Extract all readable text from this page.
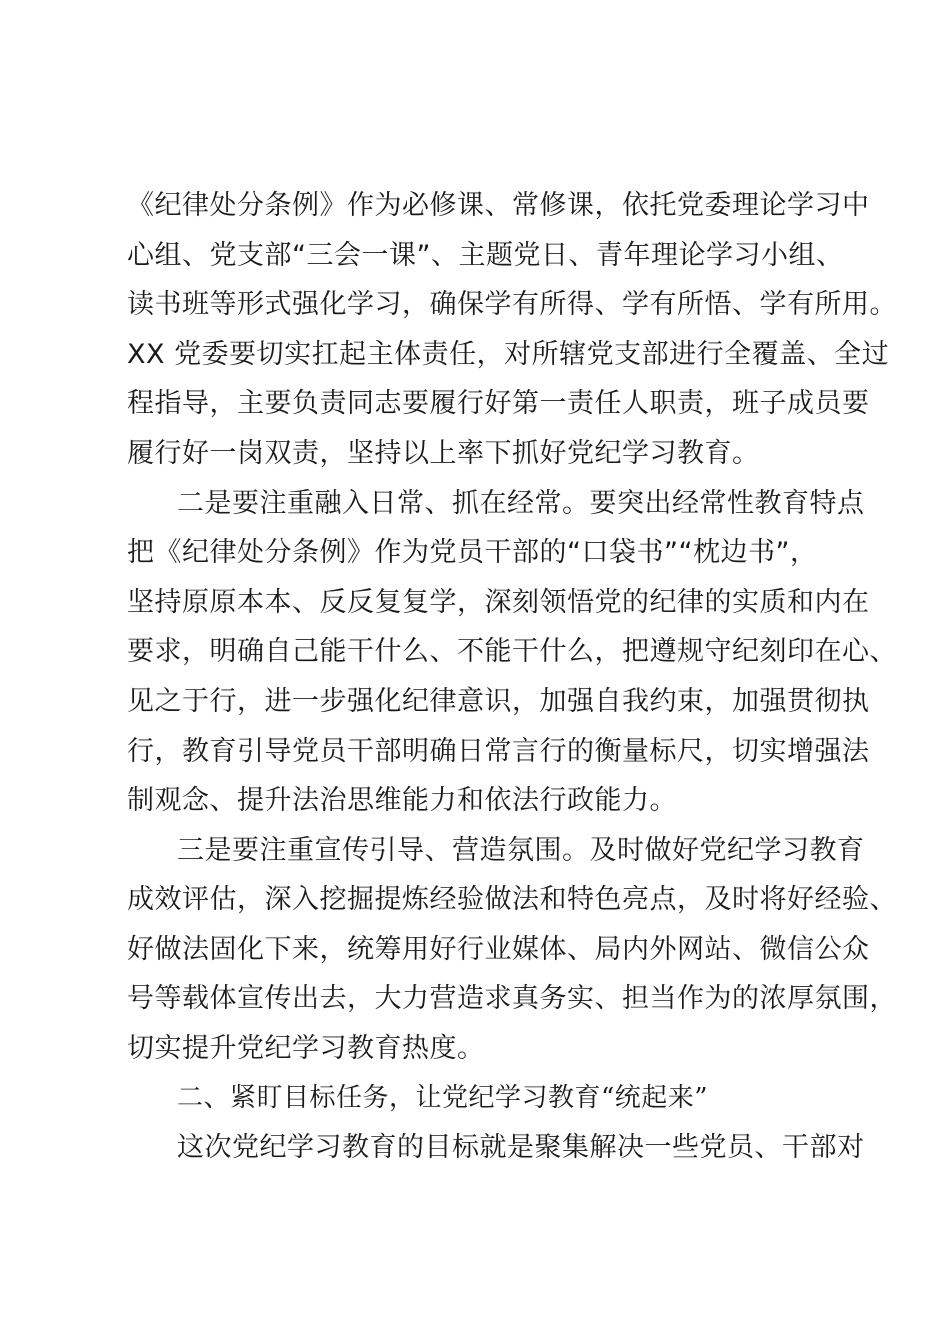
《纪律处分条例》作为必修课、常修课，依托党委理论学习中
心组、党支部“三会一课”、主题党日、青年理论学习小组、
读书班等形式强化学习，确保学有所得、学有所悟、学有所用。
XX 党委要切实扛起主体责任，对所辖党支部进行全覆盖、全过
程指导，主要负责同志要履行好第一责任人职责，班子成员要
履行好一岗双责，坚持以上率下抓好党纪学习教育。
二是要注重融入日常、抓在经常。要突出经常性教育特点
把《纪律处分条例》作为党员干部的“口袋书”“枕边书”，
坚持原原本本、反反复复学，深刻领悟党的纪律的实质和内在
要求，明确自己能干什么、不能干什么，把遵规守纪刻印在心、
见之于行，进一步强化纪律意识，加强自我约束，加强贯彻执
行，教育引导党员干部明确日常言行的衡量标尺，切实增强法
制观念、提升法治思维能力和依法行政能力。
三是要注重宣传引导、营造氛围。及时做好党纪学习教育
成效评估，深入挖掘提炼经验做法和特色亮点，及时将好经验、
好做法固化下来，统筹用好行业媒体、局内外网站、微信公众
号等载体宣传出去，大力营造求真务实、担当作为的浓厚氛围，
切实提升党纪学习教育热度。
二、紧盯目标任务，让党纪学习教育“统起来”
这次党纪学习教育的目标就是聚集解决一些党员、干部对
